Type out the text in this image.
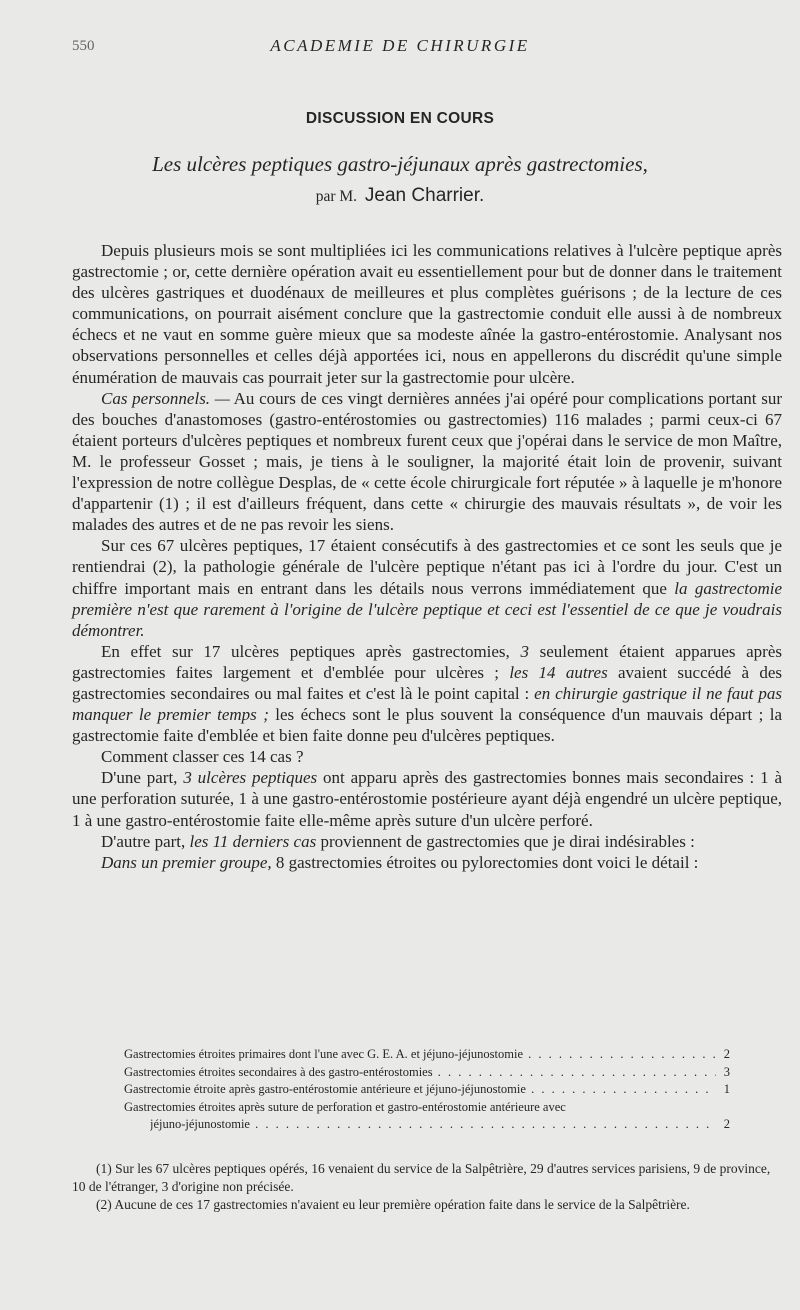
550	ACADEMIE DE CHIRURGIE
DISCUSSION EN COURS
Les ulcères peptiques gastro-jéjunaux après gastrectomies,
par M. Jean Charrier.

Depuis plusieurs mois se sont multipliées ici les communications relatives à l'ulcère peptique après gastrectomie ; or, cette dernière opération avait eu essentiellement pour but de donner dans le traitement des ulcères gastriques et duodénaux de meilleures et plus complètes guérisons ; de la lecture de ces communications, on pourrait aisément conclure que la gastrectomie conduit elle aussi à de nombreux échecs et ne vaut en somme guère mieux que sa modeste aînée la gastro-entérostomie. Analysant nos observations personnelles et celles déjà apportées ici, nous en appellerons du discrédit qu'une simple énumération de mauvais cas pourrait jeter sur la gastrectomie pour ulcère.

Cas personnels. — Au cours de ces vingt dernières années j'ai opéré pour complications portant sur des bouches d'anastomoses (gastro-entérostomies ou gastrectomies) 116 malades ; parmi ceux-ci 67 étaient porteurs d'ulcères peptiques et nombreux furent ceux que j'opérai dans le service de mon Maître, M. le professeur Gosset ; mais, je tiens à le souligner, la majorité était loin de provenir, suivant l'expression de notre collègue Desplas, de « cette école chirurgicale fort réputée » à laquelle je m'honore d'appartenir (1) ; il est d'ailleurs fréquent, dans cette « chirurgie des mauvais résultats », de voir les malades des autres et de ne pas revoir les siens.

Sur ces 67 ulcères peptiques, 17 étaient consécutifs à des gastrectomies et ce sont les seuls que je rentiendrai (2), la pathologie générale de l'ulcère peptique n'étant pas ici à l'ordre du jour. C'est un chiffre important mais en entrant dans les détails nous verrons immédiatement que la gastrectomie première n'est que rarement à l'origine de l'ulcère peptique et ceci est l'essentiel de ce que je voudrais démontrer.

En effet sur 17 ulcères peptiques après gastrectomies, 3 seulement étaient apparues après gastrectomies faites largement et d'emblée pour ulcères ; les 14 autres avaient succédé à des gastrectomies secondaires ou mal faites et c'est là le point capital : en chirurgie gastrique il ne faut pas manquer le premier temps ; les échecs sont le plus souvent la conséquence d'un mauvais départ ; la gastrectomie faite d'emblée et bien faite donne peu d'ulcères peptiques.

Comment classer ces 14 cas ?

D'une part, 3 ulcères peptiques ont apparu après des gastrectomies bonnes mais secondaires : 1 à une perforation suturée, 1 à une gastro-entérostomie postérieure ayant déjà engendré un ulcère peptique, 1 à une gastro-entérostomie faite elle-même après suture d'un ulcère perforé.

D'autre part, les 11 derniers cas proviennent de gastrectomies que je dirai indésirables :

Dans un premier groupe, 8 gastrectomies étroites ou pylorectomies dont voici le détail :

Gastrectomies étroites primaires dont l'une avec G. E. A. et jéjuno-jéjunostomie . . .	2
Gastrectomies étroites secondaires à des gastro-entérostomies . . .	3
Gastrectomie étroite après gastro-entérostomie antérieure et jéjuno-jéjunostomie . . .	1
Gastrectomies étroites après suture de perforation et gastro-entérostomie antérieure avec
jéjuno-jéjunostomie . . .	2

(1) Sur les 67 ulcères peptiques opérés, 16 venaient du service de la Salpêtrière, 29 d'autres services parisiens, 9 de province, 10 de l'étranger, 3 d'origine non précisée.

(2) Aucune de ces 17 gastrectomies n'avaient eu leur première opération faite dans le service de la Salpêtrière.
